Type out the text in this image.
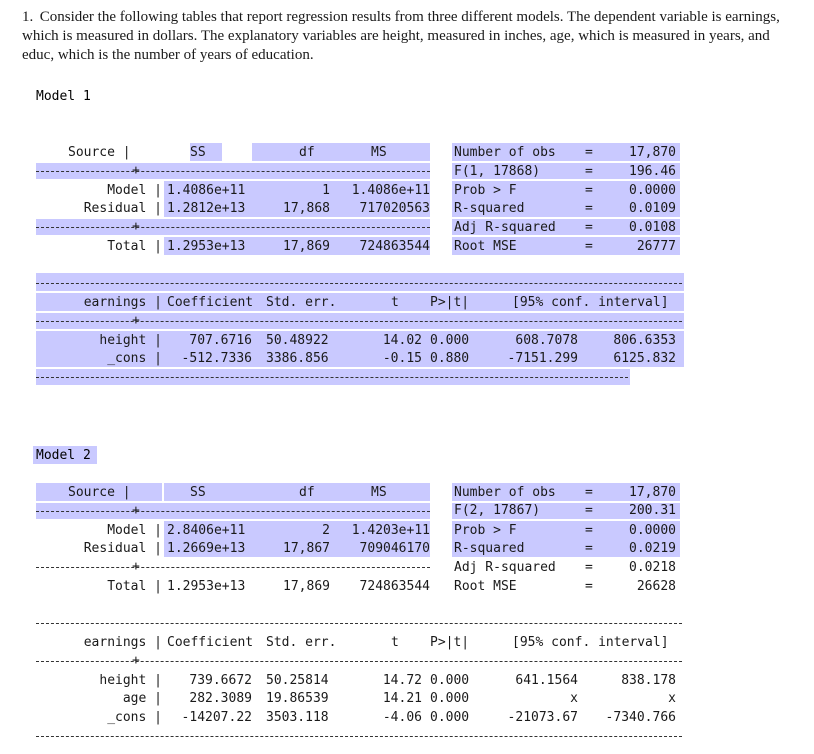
1. Consider the following tables that report regression results from three different models. The dependent variable is earnings, which is measured in dollars. The explanatory variables are height, measured in inches, age, which is measured in years, and educ, which is the number of years of education.
Model 1
Source |	SS	df	MS
+
Model | 1.4086e+11	1	1.4086e+11
Residual | 1.2812e+13	17,868	717020563
+
Total | 1.2953e+13	17,869	724863544
Number of obs =	17,870
F(1, 17868)	=	196.46
Prob > F	=	0.0000
R-squared	=	0.0109
Adj R-squared =	0.0108
Root MSE	=	26777
earnings | Coefficient Std. err.	t P>|t|	[95% conf. interval]
+
height |	707.6716 50.48922	14.02 0.000	608.7078	806.6353
_cons |	-512.7336 3386.856	-0.15 0.880	-7151.299	6125.832
Model 2
Source |	SS	df	MS
+
Model | 2.8406e+11	2	1.4203e+11
Residual | 1.2669e+13	17,867	709046170
+
Total | 1.2953e+13	17,869	724863544
Number of obs =	17,870
F(2, 17867)	=	200.31
Prob > F	=	0.0000
R-squared	=	0.0219
Adj R-squared =	0.0218
Root MSE	=	26628
earnings | Coefficient Std. err.	t P>|t|	[95% conf. interval]
+
height |	739.6672 50.25814	14.72 0.000	641.1564	838.178
age |	282.3089 19.86539	14.21 0.000	x	x
_cons |	-14207.22 3503.118	-4.06 0.000	-21073.67	-7340.766
